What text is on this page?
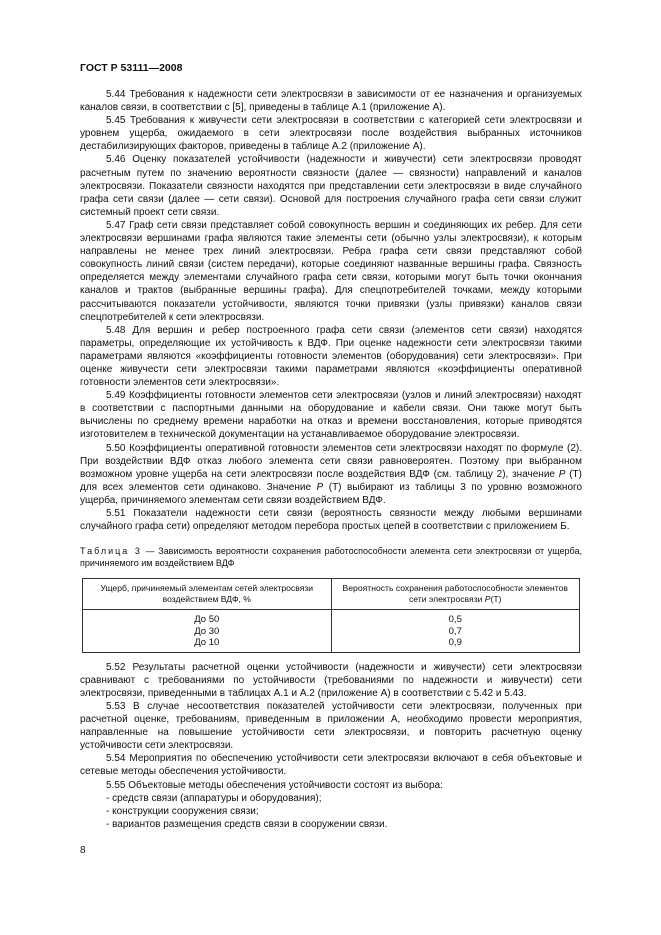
ГОСТ Р 53111—2008

5.44 Требования к надежности сети электросвязи в зависимости от ее назначения и организуемых каналов связи, в соответствии с [5], приведены в таблице А.1 (приложение А).

5.45 Требования к живучести сети электросвязи в соответствии с категорией сети электросвязи и уровнем ущерба, ожидаемого в сети электросвязи после воздействия выбранных источников дестабилизирующих факторов, приведены в таблице А.2 (приложение А).

5.46 Оценку показателей устойчивости (надежности и живучести) сети электросвязи проводят расчетным путем по значению вероятности связности (далее — связности) направлений и каналов электросвязи. Показатели связности находятся при представлении сети электросвязи в виде случайного графа сети связи (далее — сети связи). Основой для построения случайного графа сети связи служит системный проект сети связи.

5.47 Граф сети связи представляет собой совокупность вершин и соединяющих их ребер. Для сети электросвязи вершинами графа являются такие элементы сети (обычно узлы электросвязи), к которым направлены не менее трех линий электросвязи. Ребра графа сети связи представляют собой совокупность линий связи (систем передачи), которые соединяют названные вершины графа. Связность определяется между элементами случайного графа сети связи, которыми могут быть точки окончания каналов и трактов (выбранные вершины графа). Для спецпотребителей точками, между которыми рассчитываются показатели устойчивости, являются точки привязки (узлы привязки) каналов связи спецпотребителей к сети электросвязи.

5.48 Для вершин и ребер построенного графа сети связи (элементов сети связи) находятся параметры, определяющие их устойчивость к ВДФ. При оценке надежности сети электросвязи такими параметрами являются «коэффициенты готовности элементов (оборудования) сети электросвязи». При оценке живучести сети электросвязи такими параметрами являются «коэффициенты оперативной готовности элементов сети электросвязи».

5.49 Коэффициенты готовности элементов сети электросвязи (узлов и линий электросвязи) находят в соответствии с паспортными данными на оборудование и кабели связи. Они также могут быть вычислены по среднему времени наработки на отказ и времени восстановления, которые приводятся изготовителем в технической документации на устанавливаемое оборудование электросвязи.

5.50 Коэффициенты оперативной готовности элементов сети электросвязи находят по формуле (2). При воздействии ВДФ отказ любого элемента сети связи равновероятен. Поэтому при выбранном возможном уровне ущерба на сети электросвязи после воздействия ВДФ (см. таблицу 2), значение P (T) для всех элементов сети одинаково. Значение P (T) выбирают из таблицы 3 по уровню возможного ущерба, причиняемого элементам сети связи воздействием ВДФ.

5.51 Показатели надежности сети связи (вероятность связности между любыми вершинами случайного графа сети) определяют методом перебора простых цепей в соответствии с приложением Б.

Таблица 3 — Зависимость вероятности сохранения работоспособности элемента сети электросвязи от ущерба, причиняемого им воздействием ВДФ
Ущерб, причиняемый элементам сетей электросвязи воздействием ВДФ, %	Вероятность сохранения работоспособности элементов сети электросвязи P(T)
До 50	0,5
До 30	0,7
До 10	0,9

5.52 Результаты расчетной оценки устойчивости (надежности и живучести) сети электросвязи сравнивают с требованиями по устойчивости (требованиями по надежности и живучести) сети электросвязи, приведенными в таблицах А.1 и А.2 (приложение А) в соответствии с 5.42 и 5.43.

5.53 В случае несоответствия показателей устойчивости сети электросвязи, полученных при расчетной оценке, требованиям, приведенным в приложении А, необходимо провести мероприятия, направленные на повышение устойчивости сети электросвязи, и повторить расчетную оценку устойчивости сети электросвязи.

5.54 Мероприятия по обеспечению устойчивости сети электросвязи включают в себя объектовые и сетевые методы обеспечения устойчивости.

5.55 Объектовые методы обеспечения устойчивости состоят из выбора:

- средств связи (аппаратуры и оборудования);
- конструкции сооружения связи;
- вариантов размещения средств связи в сооружении связи.
8
